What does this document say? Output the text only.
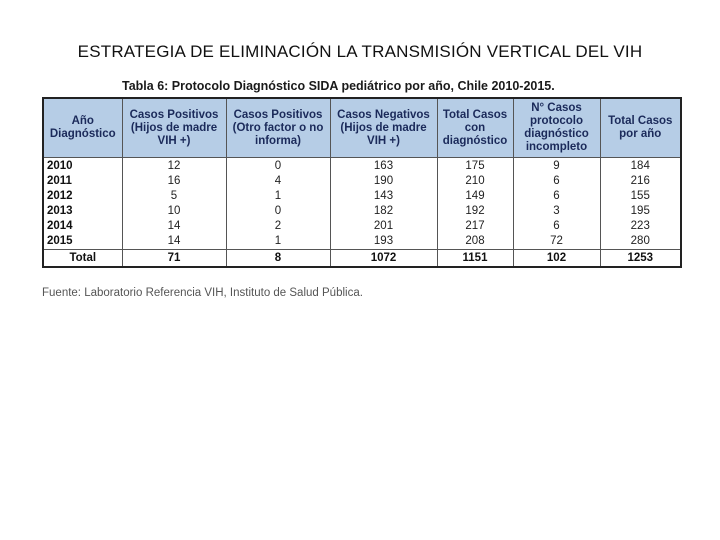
ESTRATEGIA DE ELIMINACIÓN LA TRANSMISIÓN VERTICAL DEL VIH
Tabla 6: Protocolo Diagnóstico SIDA pediátrico por año, Chile 2010-2015.
Año Diagnóstico	Casos Positivos (Hijos de madre VIH +)	Casos Positivos (Otro factor o no informa)	Casos Negativos (Hijos de madre VIH +)	Total Casos con diagnóstico	N° Casos protocolo diagnóstico incompleto	Total Casos por año
2010	12	0	163	175	9	184
2011	16	4	190	210	6	216
2012	5	1	143	149	6	155
2013	10	0	182	192	3	195
2014	14	2	201	217	6	223
2015	14	1	193	208	72	280
Total	71	8	1072	1151	102	1253
Fuente: Laboratorio Referencia VIH, Instituto de Salud Pública.
